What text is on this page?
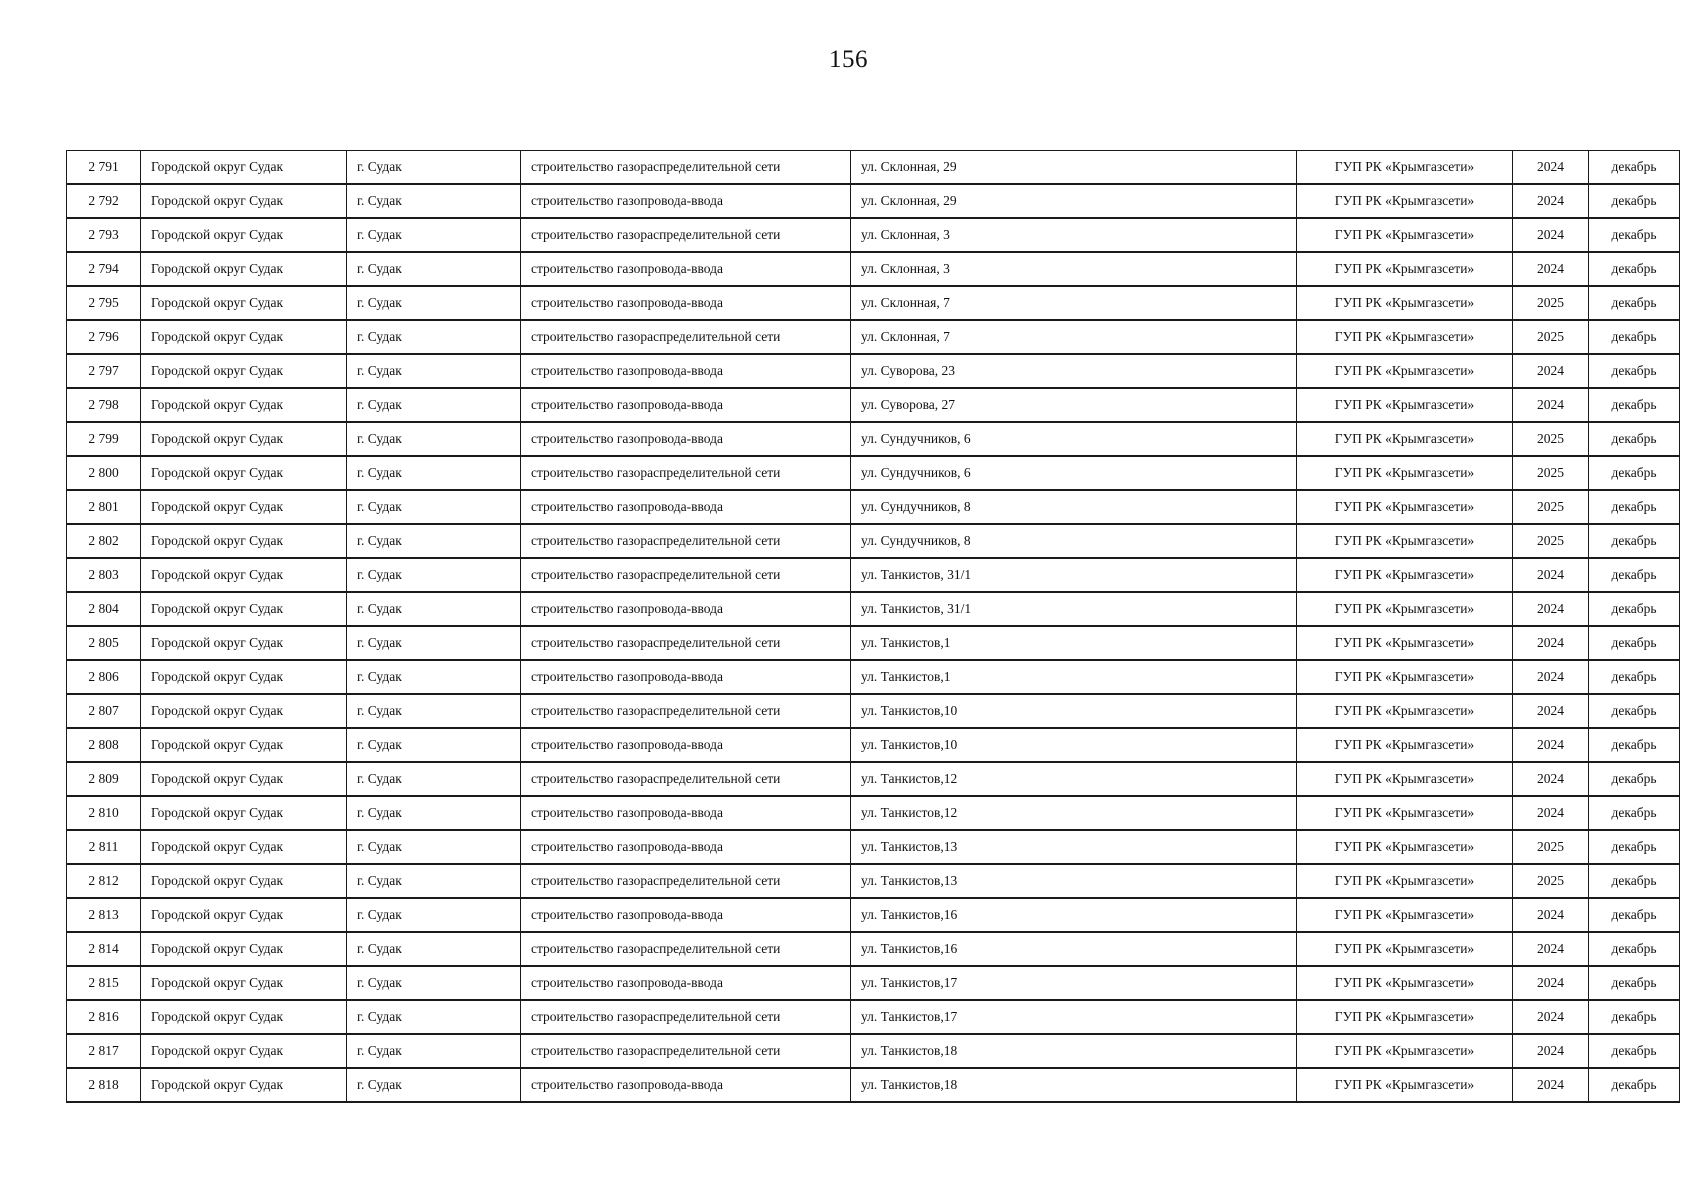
156
2 791	Городской округ Судак	г. Судак	строительство газораспределительной сети	ул. Склонная, 29	ГУП РК «Крымгазсети»	2024	декабрь
2 792	Городской округ Судак	г. Судак	строительство газопровода-ввода	ул. Склонная, 29	ГУП РК «Крымгазсети»	2024	декабрь
2 793	Городской округ Судак	г. Судак	строительство газораспределительной сети	ул. Склонная, 3	ГУП РК «Крымгазсети»	2024	декабрь
2 794	Городской округ Судак	г. Судак	строительство газопровода-ввода	ул. Склонная, 3	ГУП РК «Крымгазсети»	2024	декабрь
2 795	Городской округ Судак	г. Судак	строительство газопровода-ввода	ул. Склонная, 7	ГУП РК «Крымгазсети»	2025	декабрь
2 796	Городской округ Судак	г. Судак	строительство газораспределительной сети	ул. Склонная, 7	ГУП РК «Крымгазсети»	2025	декабрь
2 797	Городской округ Судак	г. Судак	строительство газопровода-ввода	ул. Суворова, 23	ГУП РК «Крымгазсети»	2024	декабрь
2 798	Городской округ Судак	г. Судак	строительство газопровода-ввода	ул. Суворова, 27	ГУП РК «Крымгазсети»	2024	декабрь
2 799	Городской округ Судак	г. Судак	строительство газопровода-ввода	ул. Сундучников, 6	ГУП РК «Крымгазсети»	2025	декабрь
2 800	Городской округ Судак	г. Судак	строительство газораспределительной сети	ул. Сундучников, 6	ГУП РК «Крымгазсети»	2025	декабрь
2 801	Городской округ Судак	г. Судак	строительство газопровода-ввода	ул. Сундучников, 8	ГУП РК «Крымгазсети»	2025	декабрь
2 802	Городской округ Судак	г. Судак	строительство газораспределительной сети	ул. Сундучников, 8	ГУП РК «Крымгазсети»	2025	декабрь
2 803	Городской округ Судак	г. Судак	строительство газораспределительной сети	ул. Танкистов, 31/1	ГУП РК «Крымгазсети»	2024	декабрь
2 804	Городской округ Судак	г. Судак	строительство газопровода-ввода	ул. Танкистов, 31/1	ГУП РК «Крымгазсети»	2024	декабрь
2 805	Городской округ Судак	г. Судак	строительство газораспределительной сети	ул. Танкистов,1	ГУП РК «Крымгазсети»	2024	декабрь
2 806	Городской округ Судак	г. Судак	строительство газопровода-ввода	ул. Танкистов,1	ГУП РК «Крымгазсети»	2024	декабрь
2 807	Городской округ Судак	г. Судак	строительство газораспределительной сети	ул. Танкистов,10	ГУП РК «Крымгазсети»	2024	декабрь
2 808	Городской округ Судак	г. Судак	строительство газопровода-ввода	ул. Танкистов,10	ГУП РК «Крымгазсети»	2024	декабрь
2 809	Городской округ Судак	г. Судак	строительство газораспределительной сети	ул. Танкистов,12	ГУП РК «Крымгазсети»	2024	декабрь
2 810	Городской округ Судак	г. Судак	строительство газопровода-ввода	ул. Танкистов,12	ГУП РК «Крымгазсети»	2024	декабрь
2 811	Городской округ Судак	г. Судак	строительство газопровода-ввода	ул. Танкистов,13	ГУП РК «Крымгазсети»	2025	декабрь
2 812	Городской округ Судак	г. Судак	строительство газораспределительной сети	ул. Танкистов,13	ГУП РК «Крымгазсети»	2025	декабрь
2 813	Городской округ Судак	г. Судак	строительство газопровода-ввода	ул. Танкистов,16	ГУП РК «Крымгазсети»	2024	декабрь
2 814	Городской округ Судак	г. Судак	строительство газораспределительной сети	ул. Танкистов,16	ГУП РК «Крымгазсети»	2024	декабрь
2 815	Городской округ Судак	г. Судак	строительство газопровода-ввода	ул. Танкистов,17	ГУП РК «Крымгазсети»	2024	декабрь
2 816	Городской округ Судак	г. Судак	строительство газораспределительной сети	ул. Танкистов,17	ГУП РК «Крымгазсети»	2024	декабрь
2 817	Городской округ Судак	г. Судак	строительство газораспределительной сети	ул. Танкистов,18	ГУП РК «Крымгазсети»	2024	декабрь
2 818	Городской округ Судак	г. Судак	строительство газопровода-ввода	ул. Танкистов,18	ГУП РК «Крымгазсети»	2024	декабрь
